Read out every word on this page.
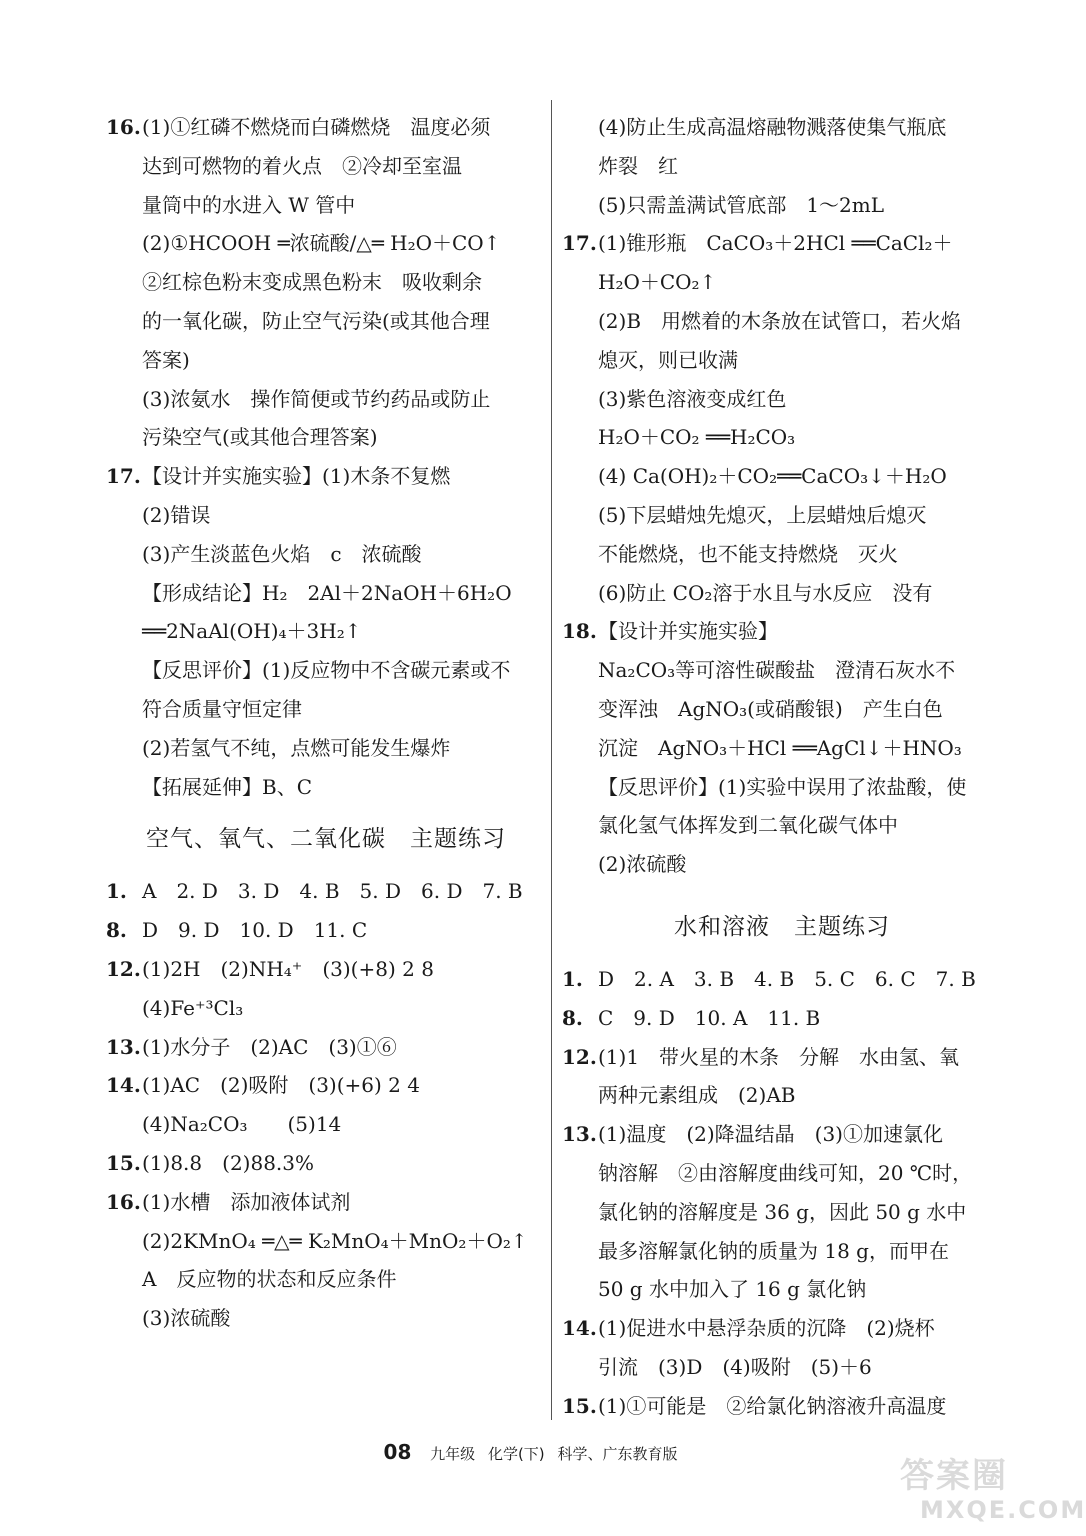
16.(1)①红磷不燃烧而白磷燃烧　温度必须
达到可燃物的着火点　②冷却至室温
量筒中的水进入 W 管中
(2)①HCOOH ═浓硫酸/△═ H₂O＋CO↑
②红棕色粉末变成黑色粉末　吸收剩余
的一氧化碳，防止空气污染(或其他合理
答案)
(3)浓氨水　操作简便或节约药品或防止
污染空气(或其他合理答案)
17.【设计并实施实验】(1)木条不复燃
(2)错误
(3)产生淡蓝色火焰　c　浓硫酸
【形成结论】H₂　2Al＋2NaOH＋6H₂O
══2NaAl(OH)₄＋3H₂↑
【反思评价】(1)反应物中不含碳元素或不
符合质量守恒定律
(2)若氢气不纯，点燃可能发生爆炸
【拓展延伸】B、C
空气、氧气、二氧化碳　主题练习
1. A　2. D　3. D　4. B　5. D　6. D　7. B
8. D　9. D　10. D　11. C
12.(1)2H　(2)NH₄⁺　(3)(+8) 2 8
(4)Fe⁺³Cl₃
13.(1)水分子　(2)AC　(3)①⑥
14.(1)AC　(2)吸附　(3)(+6) 2 4
(4)Na₂CO₃　　(5)14
15.(1)8.8　(2)88.3%
16.(1)水槽　添加液体试剂
(2)2KMnO₄ ═△═ K₂MnO₄＋MnO₂＋O₂↑
A　反应物的状态和反应条件
(3)浓硫酸
(4)防止生成高温熔融物溅落使集气瓶底
炸裂　红
(5)只需盖满试管底部　1～2mL
17.(1)锥形瓶　CaCO₃＋2HCl ══CaCl₂＋
H₂O＋CO₂↑
(2)B　用燃着的木条放在试管口，若火焰
熄灭，则已收满
(3)紫色溶液变成红色
H₂O＋CO₂ ══H₂CO₃
(4) Ca(OH)₂＋CO₂══CaCO₃↓＋H₂O
(5)下层蜡烛先熄灭，上层蜡烛后熄灭
不能燃烧，也不能支持燃烧　灭火
(6)防止 CO₂溶于水且与水反应　没有
18.【设计并实施实验】
Na₂CO₃等可溶性碳酸盐　澄清石灰水不
变浑浊　AgNO₃(或硝酸银)　产生白色
沉淀　AgNO₃＋HCl ══AgCl↓＋HNO₃
【反思评价】(1)实验中误用了浓盐酸，使
氯化氢气体挥发到二氧化碳气体中
(2)浓硫酸
水和溶液　主题练习
1. D　2. A　3. B　4. B　5. C　6. C　7. B
8. C　9. D　10. A　11. B
12.(1)1　带火星的木条　分解　水由氢、氧
两种元素组成　(2)AB
13.(1)温度　(2)降温结晶　(3)①加速氯化
钠溶解　②由溶解度曲线可知，20 ℃时，
氯化钠的溶解度是 36 g，因此 50 g 水中
最多溶解氯化钠的质量为 18 g，而甲在
50 g 水中加入了 16 g 氯化钠
14.(1)促进水中悬浮杂质的沉降　(2)烧杯
引流　(3)D　(4)吸附　(5)＋6
15.(1)①可能是　②给氯化钠溶液升高温度
08 九年级 化学(下) 科学、广东教育版
答案圈
MXQE.COM
